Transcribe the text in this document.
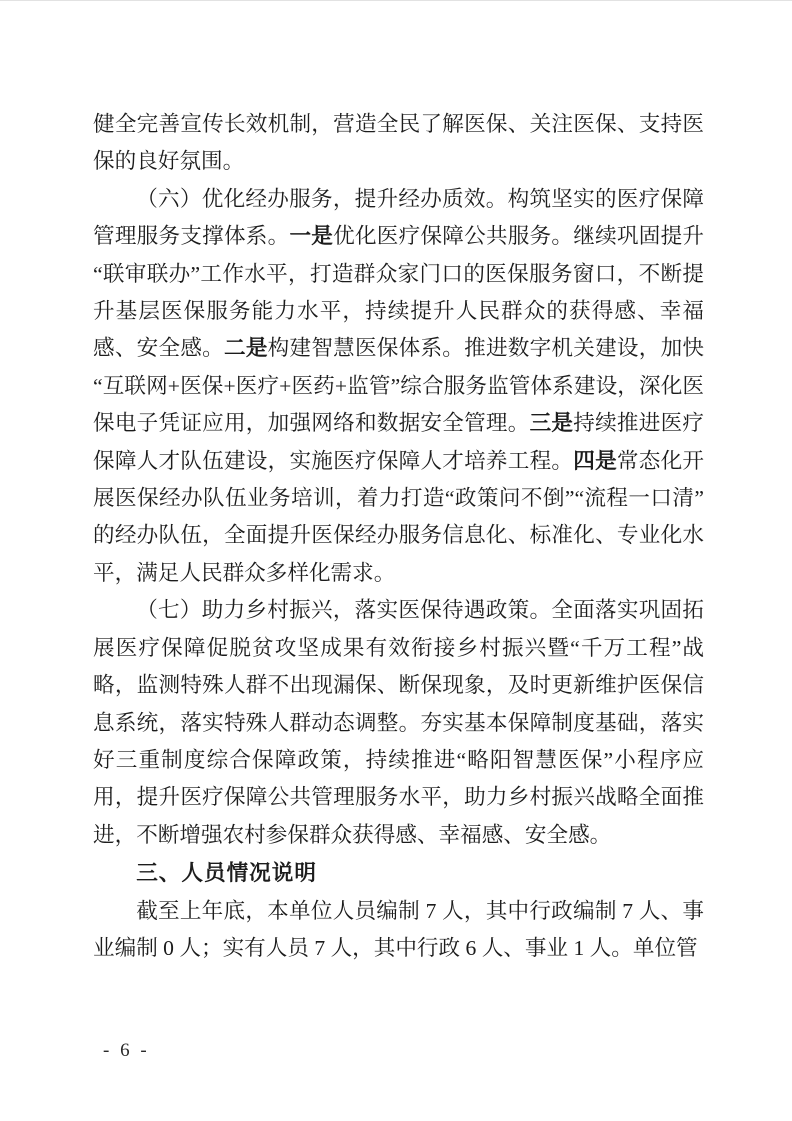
健全完善宣传长效机制，营造全民了解医保、关注医保、支持医保的良好氛围。

（六）优化经办服务，提升经办质效。构筑坚实的医疗保障管理服务支撑体系。一是优化医疗保障公共服务。继续巩固提升“联审联办”工作水平，打造群众家门口的医保服务窗口，不断提升基层医保服务能力水平，持续提升人民群众的获得感、幸福感、安全感。二是构建智慧医保体系。推进数字机关建设，加快“互联网+医保+医疗+医药+监管”综合服务监管体系建设，深化医保电子凭证应用，加强网络和数据安全管理。三是持续推进医疗保障人才队伍建设，实施医疗保障人才培养工程。四是常态化开展医保经办队伍业务培训，着力打造“政策问不倒”“流程一口清”的经办队伍，全面提升医保经办服务信息化、标准化、专业化水平，满足人民群众多样化需求。

（七）助力乡村振兴，落实医保待遇政策。全面落实巩固拓展医疗保障促脱贫攻坚成果有效衔接乡村振兴暨“千万工程”战略，监测特殊人群不出现漏保、断保现象，及时更新维护医保信息系统，落实特殊人群动态调整。夯实基本保障制度基础，落实好三重制度综合保障政策，持续推进“略阳智慧医保”小程序应用，提升医疗保障公共管理服务水平，助力乡村振兴战略全面推进，不断增强农村参保群众获得感、幸福感、安全感。

三、人员情况说明

截至上年底，本单位人员编制 7 人，其中行政编制 7 人、事业编制 0 人；实有人员 7 人，其中行政 6 人、事业 1 人。单位管

- 6 -
